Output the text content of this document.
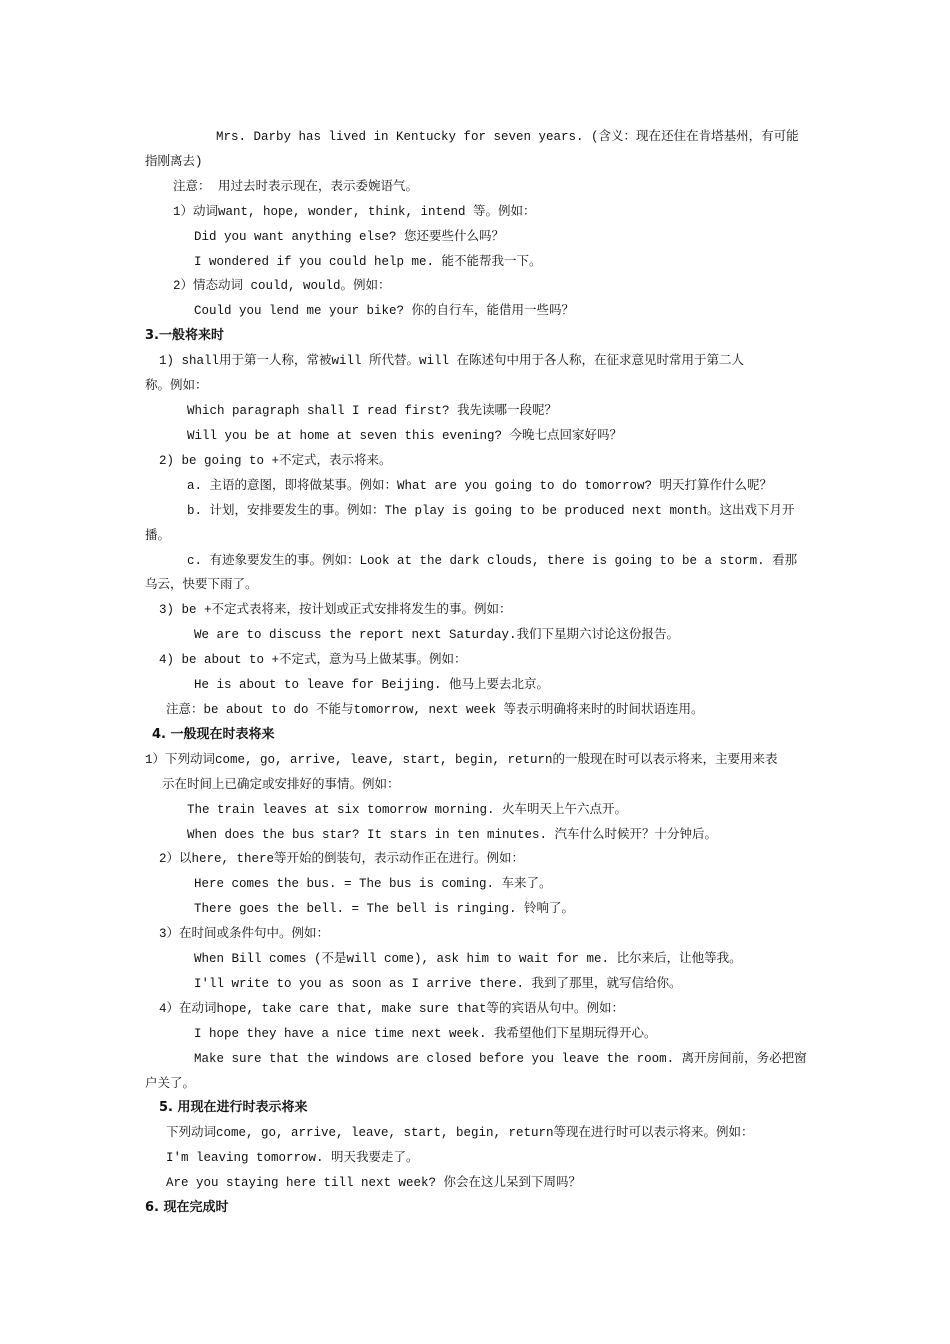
Mrs. Darby has lived in Kentucky for seven years. (含义：现在还住在肯塔基州，有可能
指刚离去)
注意： 用过去时表示现在，表示委婉语气。
1）动词want, hope, wonder, think, intend 等。例如：
Did you want anything else? 您还要些什么吗？
I wondered if you could help me. 能不能帮我一下。
2）情态动词 could, would。例如：
Could you lend me your bike? 你的自行车，能借用一些吗？
3.一般将来时
1) shall用于第一人称，常被will 所代替。will 在陈述句中用于各人称，在征求意见时常用于第二人
称。例如：
Which paragraph shall I read first? 我先读哪一段呢？
Will you be at home at seven this evening? 今晚七点回家好吗？
2) be going to +不定式，表示将来。
a. 主语的意图，即将做某事。例如：What are you going to do tomorrow? 明天打算作什么呢？
b. 计划，安排要发生的事。例如：The play is going to be produced next month。这出戏下月开
播。
c. 有迹象要发生的事。例如：Look at the dark clouds, there is going to be a storm. 看那
乌云，快要下雨了。
3) be +不定式表将来，按计划或正式安排将发生的事。例如：
We are to discuss the report next Saturday.我们下星期六讨论这份报告。
4) be about to +不定式，意为马上做某事。例如：
He is about to leave for Beijing. 他马上要去北京。
注意：be about to do 不能与tomorrow, next week 等表示明确将来时的时间状语连用。
4. 一般现在时表将来
1）下列动词come, go, arrive, leave, start, begin, return的一般现在时可以表示将来，主要用来表
示在时间上已确定或安排好的事情。例如：
The train leaves at six tomorrow morning. 火车明天上午六点开。
When does the bus star? It stars in ten minutes. 汽车什么时候开？十分钟后。
2）以here, there等开始的倒装句，表示动作正在进行。例如：
Here comes the bus. = The bus is coming. 车来了。
There goes the bell. = The bell is ringing. 铃响了。
3）在时间或条件句中。例如：
When Bill comes (不是will come), ask him to wait for me. 比尔来后，让他等我。
I'll write to you as soon as I arrive there. 我到了那里，就写信给你。
4）在动词hope, take care that, make sure that等的宾语从句中。例如：
I hope they have a nice time next week. 我希望他们下星期玩得开心。
Make sure that the windows are closed before you leave the room. 离开房间前，务必把窗
户关了。
5. 用现在进行时表示将来
下列动词come, go, arrive, leave, start, begin, return等现在进行时可以表示将来。例如：
I'm leaving tomorrow. 明天我要走了。
Are you staying here till next week? 你会在这儿呆到下周吗？
6. 现在完成时
